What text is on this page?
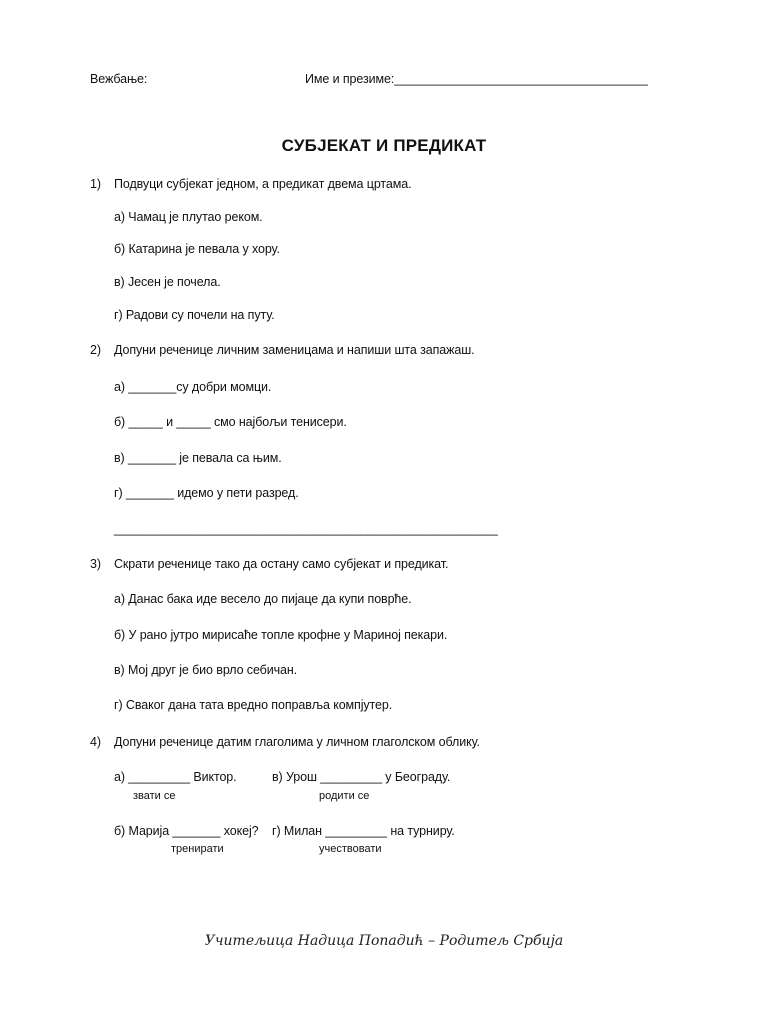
Вежбање:	Име и презиме:_____________________________________
СУБЈЕКАТ И ПРЕДИКАТ
1) Подвуци субјекат једном, а предикат двема цртама.
а) Чамац је плутао реком.
б) Катарина је певала у хору.
в) Јесен је почела.
г) Радови су почели на путу.
2) Допуни реченице личним заменицама и напиши шта запажаш.
а) _______су добри момци.
б) _____ и _____ смо најбољи тенисери.
в) _______ је певала са њим.
г) _______ идемо у пети разред.
________________________________________________________
3) Скрати реченице тако да остану само субјекат и предикат.
а) Данас бака иде весело до пијаце да купи поврће.
б) У рано јутро мирисаће топле крофне у Мариној пекари.
в) Мој друг је био врло себичан.
г) Сваког дана тата вредно поправља компјутер.
4) Допуни реченице датим глаголима у личном глаголском облику.
а) _________ Виктор.
звати се
в) Урош _________ у Београду.
родити се
б) Марија _______ хокеј?
тренирати
г) Милан _________ на турниру.
учествовати
Учитељица Надица Попадић – Родитељ Србија
